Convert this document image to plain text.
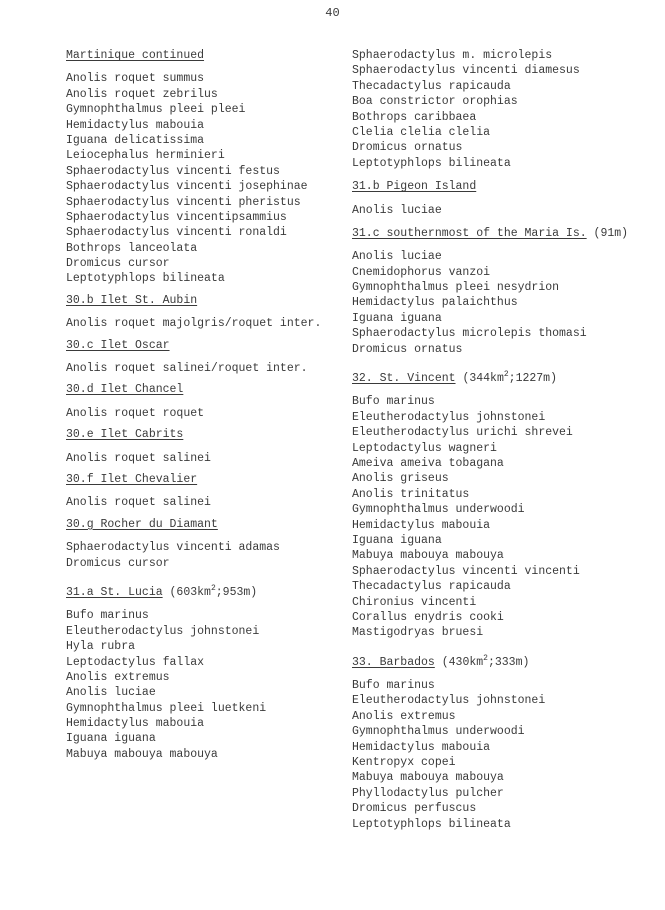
40
Martinique continued
Anolis roquet summus
Anolis roquet zebrilus
Gymnophthalmus pleei pleei
Hemidactylus mabouia
Iguana delicatissima
Leiocephalus herminieri
Sphaerodactylus vincenti festus
Sphaerodactylus vincenti josephinae
Sphaerodactylus vincenti pheristus
Sphaerodactylus vincentipsammius
Sphaerodactylus vincenti ronaldi
Bothrops lanceolata
Dromicus cursor
Leptotyphlops bilineata
30.b Ilet St. Aubin
Anolis roquet majolgris/roquet inter.
30.c Ilet Oscar
Anolis roquet salinei/roquet inter.
30.d Ilet Chancel
Anolis roquet roquet
30.e Ilet Cabrits
Anolis roquet salinei
30.f Ilet Chevalier
Anolis roquet salinei
30.g Rocher du Diamant
Sphaerodactylus vincenti adamas
Dromicus cursor
31.a St. Lucia $(603km^2;953m)$
Bufo marinus
Eleutherodactylus johnstonei
Hyla rubra
Leptodactylus fallax
Anolis extremus
Anolis luciae
Gymnophthalmus pleei luetkeni
Hemidactylus mabouia
Iguana iguana
Mabuya mabouya mabouya
Sphaerodactylus m. microlepis
Sphaerodactylus vincenti diamesus
Thecadactylus rapicauda
Boa constrictor orophias
Bothrops caribbaea
Clelia clelia clelia
Dromicus ornatus
Leptotyphlops bilineata
31.b Pigeon Island
Anolis luciae
31.c southernmost of the Maria Is. (91m)
Anolis luciae
Cnemidophorus vanzoi
Gymnophthalmus pleei nesydrion
Hemidactylus palaichthus
Iguana iguana
Sphaerodactylus microlepis thomasi
Dromicus ornatus
32. St. Vincent $(344km^2;1227m)$
Bufo marinus
Eleutherodactylus johnstonei
Eleutherodactylus urichi shrevei
Leptodactylus wagneri
Ameiva ameiva tobagana
Anolis griseus
Anolis trinitatus
Gymnophthalmus underwoodi
Hemidactylus mabouia
Iguana iguana
Mabuya mabouya mabouya
Sphaerodactylus vincenti vincenti
Thecadactylus rapicauda
Chironius vincenti
Corallus enydris cooki
Mastigodryas bruesi
33. Barbados $(430km^2;333m)$
Bufo marinus
Eleutherodactylus johnstonei
Anolis extremus
Gymnophthalmus underwoodi
Hemidactylus mabouia
Kentropyx copei
Mabuya mabouya mabouya
Phyllodactylus pulcher
Dromicus perfuscus
Leptotyphlops bilineata
